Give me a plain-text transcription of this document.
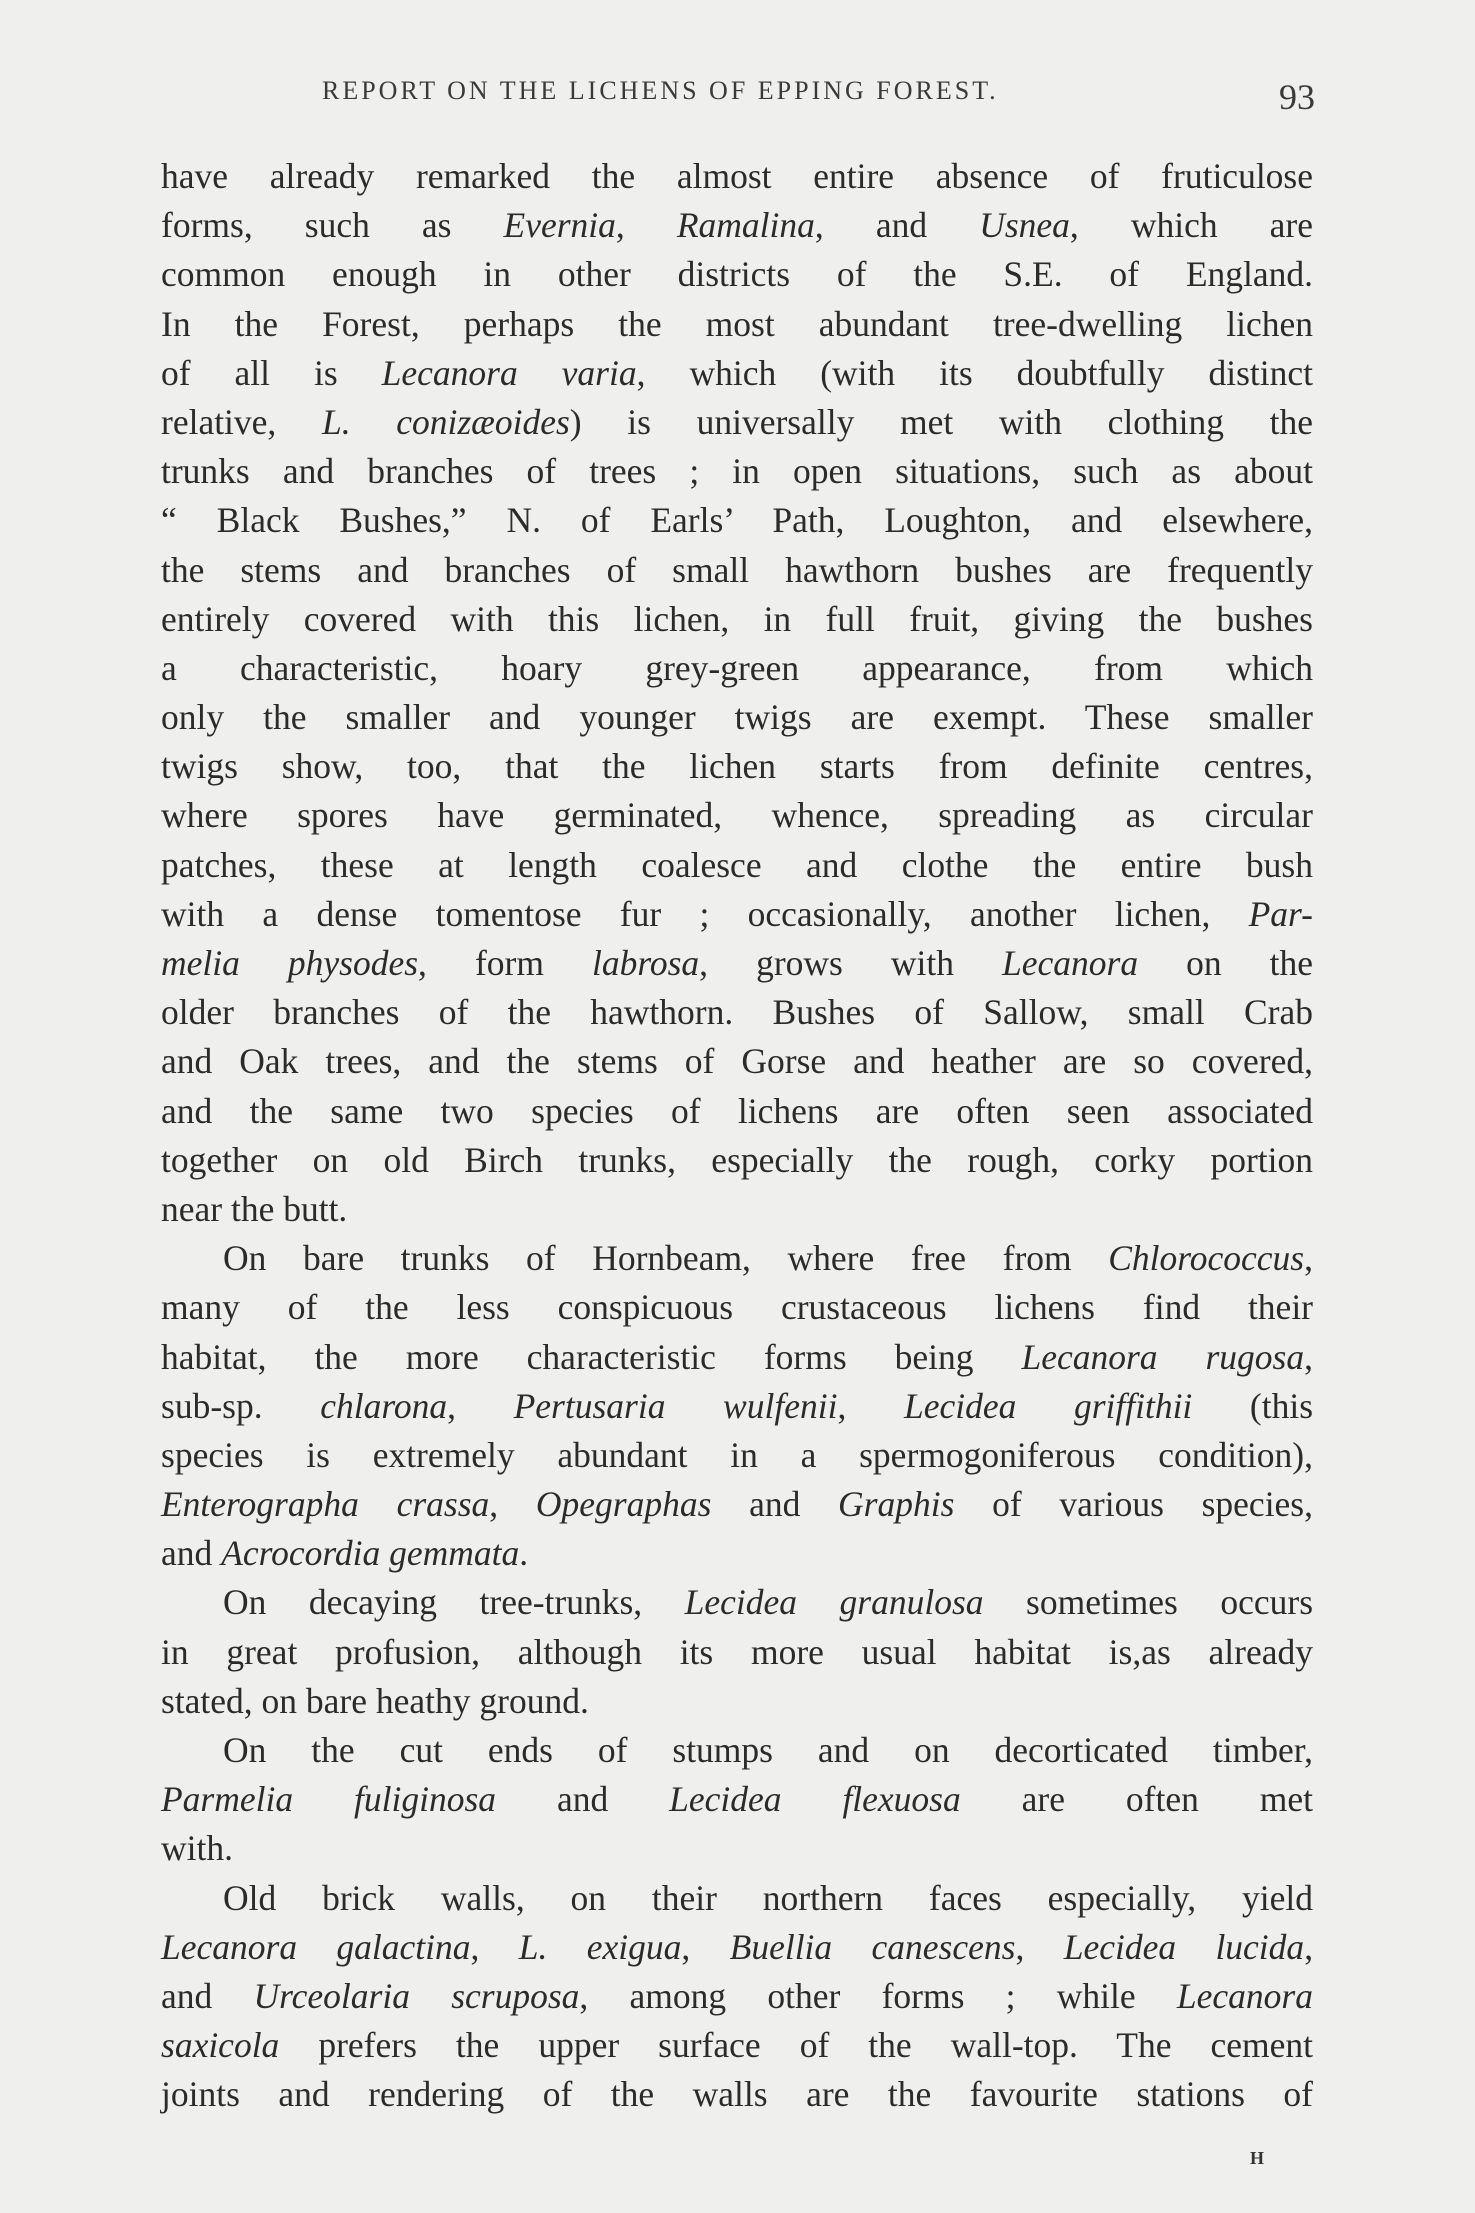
REPORT ON THE LICHENS OF EPPING FOREST.	93
have already remarked the almost entire absence of fruticulose
forms, such as Evernia, Ramalina, and Usnea, which are
common enough in other districts of the S.E. of England.
In the Forest, perhaps the most abundant tree-dwelling lichen
of all is Lecanora varia, which (with its doubtfully distinct
relative, L. conizæoides) is universally met with clothing the
trunks and branches of trees ; in open situations, such as about
“ Black Bushes,” N. of Earls’ Path, Loughton, and elsewhere,
the stems and branches of small hawthorn bushes are frequently
entirely covered with this lichen, in full fruit, giving the bushes
a characteristic, hoary grey-green appearance, from which
only the smaller and younger twigs are exempt. These smaller
twigs show, too, that the lichen starts from definite centres,
where spores have germinated, whence, spreading as circular
patches, these at length coalesce and clothe the entire bush
with a dense tomentose fur ; occasionally, another lichen, Par-
melia physodes, form labrosa, grows with Lecanora on the
older branches of the hawthorn. Bushes of Sallow, small Crab
and Oak trees, and the stems of Gorse and heather are so covered,
and the same two species of lichens are often seen associated
together on old Birch trunks, especially the rough, corky portion
near the butt.
On bare trunks of Hornbeam, where free from Chlorococcus,
many of the less conspicuous crustaceous lichens find their
habitat, the more characteristic forms being Lecanora rugosa,
sub-sp. chlarona, Pertusaria wulfenii, Lecidea griffithii (this
species is extremely abundant in a spermogoniferous condition),
Enterographa crassa, Opegraphas and Graphis of various species,
and Acrocordia gemmata.
On decaying tree-trunks, Lecidea granulosa sometimes occurs
in great profusion, although its more usual habitat is,as already
stated, on bare heathy ground.
On the cut ends of stumps and on decorticated timber,
Parmelia fuliginosa and Lecidea flexuosa are often met
with.
Old brick walls, on their northern faces especially, yield
Lecanora galactina, L. exigua, Buellia canescens, Lecidea lucida,
and Urceolaria scruposa, among other forms ; while Lecanora
saxicola prefers the upper surface of the wall-top. The cement
joints and rendering of the walls are the favourite stations of
H
